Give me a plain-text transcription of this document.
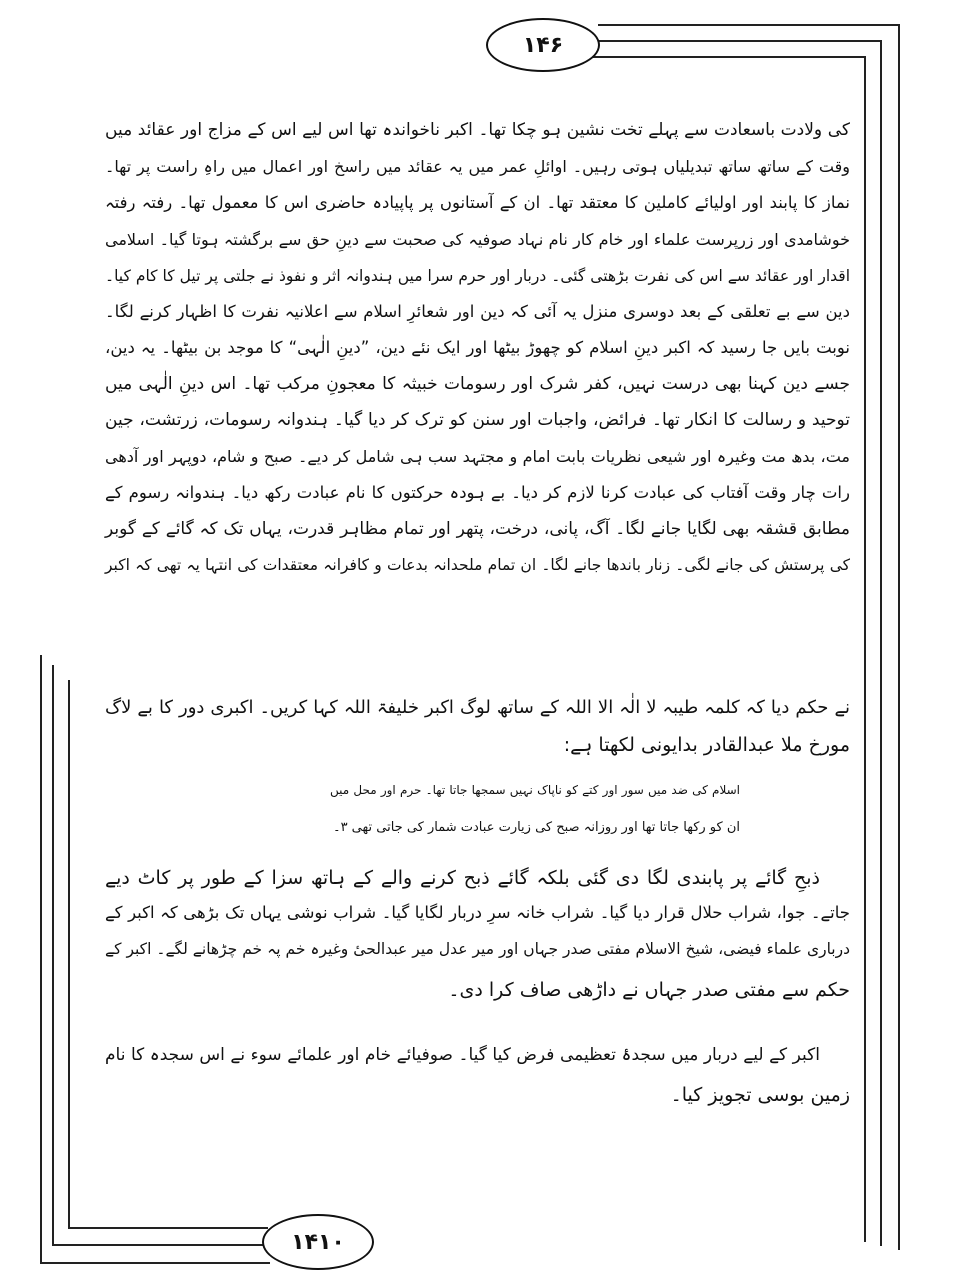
۱۴۶
۱۴۱۰
کی ولادت باسعادت سے پہلے تخت نشین ہو چکا تھا۔ اکبر ناخواندہ تھا اس لیے اس کے مزاج اور عقائد میں
وقت کے ساتھ ساتھ تبدیلیاں ہوتی رہیں۔ اوائلِ عمر میں یہ عقائد میں راسخ اور اعمال میں راہِ راست پر تھا۔
نماز کا پابند اور اولیائے کاملین کا معتقد تھا۔ ان کے آستانوں پر پاپیادہ حاضری اس کا معمول تھا۔ رفتہ رفتہ
خوشامدی اور زرپرست علماء اور خام کار نام نہاد صوفیہ کی صحبت سے دینِ حق سے برگشتہ ہوتا گیا۔ اسلامی
اقدار اور عقائد سے اس کی نفرت بڑھتی گئی۔ دربار اور حرم سرا میں ہندوانہ اثر و نفوذ نے جلتی پر تیل کا کام کیا۔
دین سے بے تعلقی کے بعد دوسری منزل یہ آئی کہ دین اور شعائرِ اسلام سے اعلانیہ نفرت کا اظہار کرنے لگا۔
نوبت بایں جا رسید کہ اکبر دینِ اسلام کو چھوڑ بیٹھا اور ایک نئے دین، ”دینِ الٰہی“ کا موجد بن بیٹھا۔ یہ دین،
جسے دین کہنا بھی درست نہیں، کفر شرک اور رسومات خبیثہ کا معجونِ مرکب تھا۔ اس دینِ الٰہی میں
توحید و رسالت کا انکار تھا۔ فرائض، واجبات اور سنن کو ترک کر دیا گیا۔ ہندوانہ رسومات، زرتشت، جین
مت، بدھ مت وغیرہ اور شیعی نظریات بابت امام و مجتہد سب ہی شامل کر دیے۔ صبح و شام، دوپہر اور آدھی
رات چار وقت آفتاب کی عبادت کرنا لازم کر دیا۔ بے ہودہ حرکتوں کا نام عبادت رکھ دیا۔ ہندوانہ رسوم کے
مطابق قشقہ بھی لگایا جانے لگا۔ آگ، پانی، درخت، پتھر اور تمام مظاہر قدرت، یہاں تک کہ گائے کے گوبر
کی پرستش کی جانے لگی۔ زنار باندھا جانے لگا۔ ان تمام ملحدانہ بدعات و کافرانہ معتقدات کی انتہا یہ تھی کہ اکبر
نے حکم دیا کہ کلمہ طیبہ لا الٰہ الا اللہ کے ساتھ لوگ اکبر خلیفۃ اللہ کہا کریں۔ اکبری دور کا بے لاگ
مورخ ملا عبدالقادر بدایونی لکھتا ہے:
اسلام کی ضد میں سور اور کتے کو ناپاک نہیں سمجھا جاتا تھا۔ حرم اور محل میں
ان کو رکھا جاتا تھا اور روزانہ صبح کی زیارت عبادت شمار کی جاتی تھی ۳۔
ذبحِ گائے پر پابندی لگا دی گئی بلکہ گائے ذبح کرنے والے کے ہاتھ سزا کے طور پر کاٹ دیے
جاتے۔ جوا، شراب حلال قرار دیا گیا۔ شراب خانہ سرِ دربار لگایا گیا۔ شراب نوشی یہاں تک بڑھی کہ اکبر کے
درباری علماء فیضی، شیخ الاسلام مفتی صدر جہاں اور میر عدل میر عبدالحیٔ وغیرہ خم پہ خم چڑھانے لگے۔ اکبر کے
حکم سے مفتی صدر جہاں نے داڑھی صاف کرا دی۔
اکبر کے لیے دربار میں سجدۂ تعظیمی فرض کیا گیا۔ صوفیائے خام اور علمائے سوء نے اس سجدہ کا نام
زمین بوسی تجویز کیا۔
